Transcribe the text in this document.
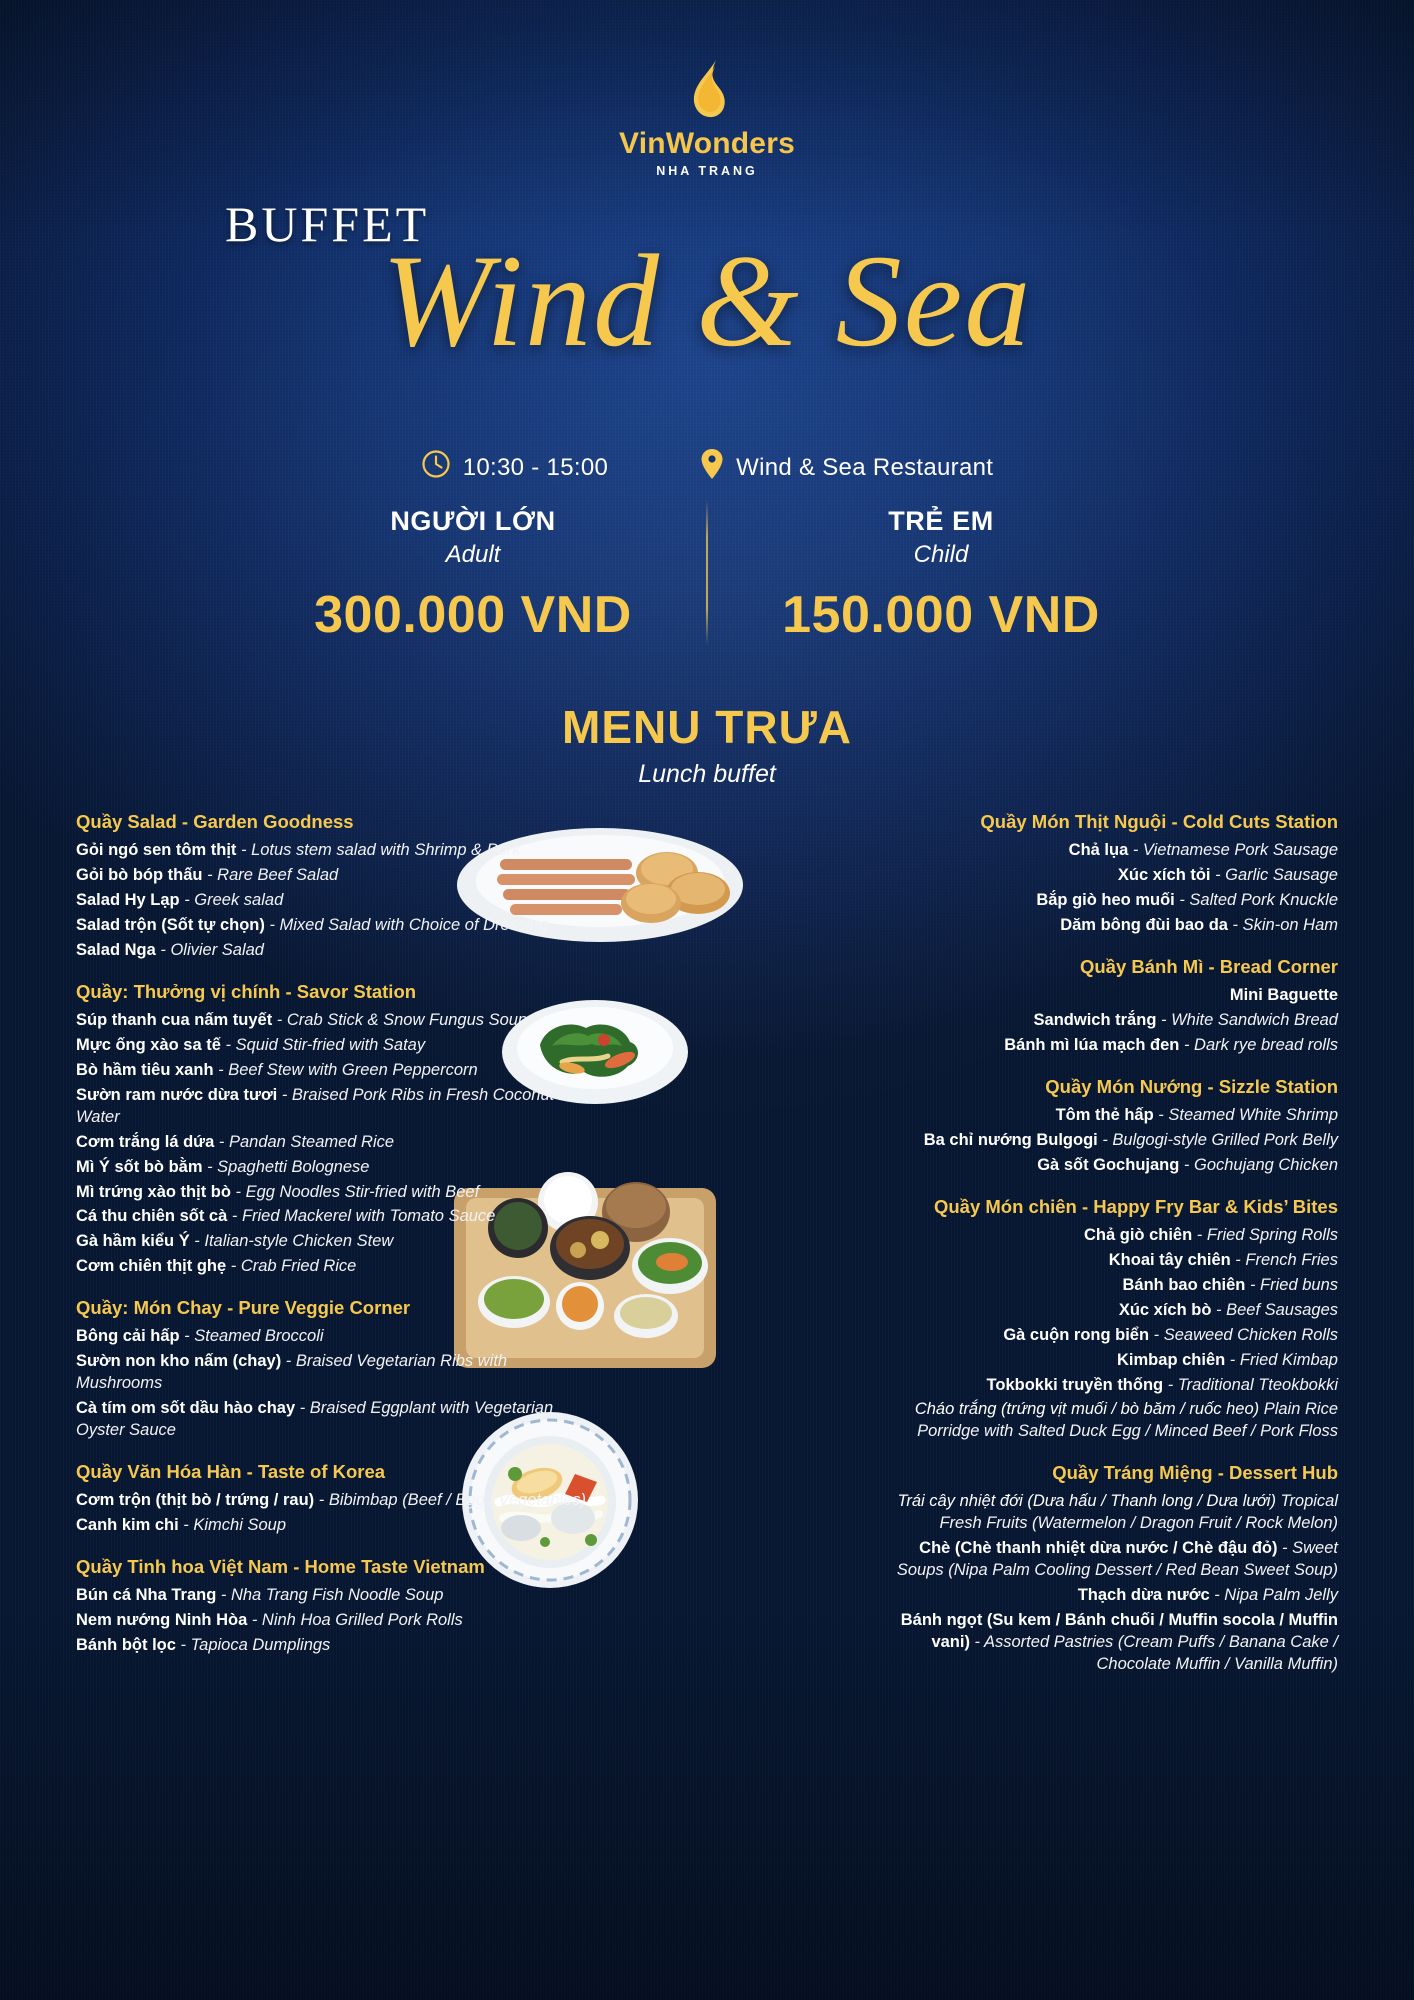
VinWonders
NHA TRANG
BUFFET
Wind & Sea
10:30 - 15:00	Wind & Sea Restaurant
NGƯỜI LỚN
Adult
300.000 VND
TRẺ EM
Child
150.000 VND
MENU TRƯA
Lunch buffet
Quầy Salad - Garden Goodness
Gỏi ngó sen tôm thịt - Lotus stem salad with Shrimp & Pork
Gỏi bò bóp thấu - Rare Beef Salad
Salad Hy Lạp - Greek salad
Salad trộn (Sốt tự chọn) - Mixed Salad with Choice of Dressing
Salad Nga - Olivier Salad
Quầy: Thưởng vị chính - Savor Station
Súp thanh cua nấm tuyết - Crab Stick & Snow Fungus Soup
Mực ống xào sa tế - Squid Stir-fried with Satay
Bò hầm tiêu xanh - Beef Stew with Green Peppercorn
Sườn ram nước dừa tươi - Braised Pork Ribs in Fresh Coconut Water
Cơm trắng lá dứa - Pandan Steamed Rice
Mì Ý sốt bò bằm - Spaghetti Bolognese
Mì trứng xào thịt bò - Egg Noodles Stir-fried with Beef
Cá thu chiên sốt cà - Fried Mackerel with Tomato Sauce
Gà hầm kiểu Ý - Italian-style Chicken Stew
Cơm chiên thịt ghẹ - Crab Fried Rice
Quầy: Món Chay - Pure Veggie Corner
Bông cải hấp - Steamed Broccoli
Sườn non kho nấm (chay) - Braised Vegetarian Ribs with Mushrooms
Cà tím om sốt dầu hào chay - Braised Eggplant with Vegetarian Oyster Sauce
Quầy Văn Hóa Hàn - Taste of Korea
Cơm trộn (thịt bò / trứng / rau) - Bibimbap (Beef / Egg / Vegetables)
Canh kim chi - Kimchi Soup
Quầy Tinh hoa Việt Nam - Home Taste Vietnam
Bún cá Nha Trang - Nha Trang Fish Noodle Soup
Nem nướng Ninh Hòa - Ninh Hoa Grilled Pork Rolls
Bánh bột lọc - Tapioca Dumplings
Quầy Món Thịt Nguội - Cold Cuts Station
Chả lụa - Vietnamese Pork Sausage
Xúc xích tỏi - Garlic Sausage
Bắp giò heo muối - Salted Pork Knuckle
Dăm bông đùi bao da - Skin-on Ham
Quầy Bánh Mì - Bread Corner
Mini Baguette
Sandwich trắng - White Sandwich Bread
Bánh mì lúa mạch đen - Dark rye bread rolls
Quầy Món Nướng - Sizzle Station
Tôm thẻ hấp - Steamed White Shrimp
Ba chỉ nướng Bulgogi - Bulgogi-style Grilled Pork Belly
Gà sốt Gochujang - Gochujang Chicken
Quầy Món chiên - Happy Fry Bar & Kids’ Bites
Chả giò chiên - Fried Spring Rolls
Khoai tây chiên - French Fries
Bánh bao chiên - Fried buns
Xúc xích bò - Beef Sausages
Gà cuộn rong biển - Seaweed Chicken Rolls
Kimbap chiên - Fried Kimbap
Tokbokki truyền thống - Traditional Tteokbokki
Cháo trắng (trứng vịt muối / bò băm / ruốc heo) Plain Rice Porridge with Salted Duck Egg / Minced Beef / Pork Floss
Quầy Tráng Miệng - Dessert Hub
Trái cây nhiệt đới (Dưa hấu / Thanh long / Dưa lưới) Tropical Fresh Fruits (Watermelon / Dragon Fruit / Rock Melon)
Chè (Chè thanh nhiệt dừa nước / Chè đậu đỏ) - Sweet Soups (Nipa Palm Cooling Dessert / Red Bean Sweet Soup)
Thạch dừa nước - Nipa Palm Jelly
Bánh ngọt (Su kem / Bánh chuối / Muffin socola / Muffin vani) - Assorted Pastries (Cream Puffs / Banana Cake / Chocolate Muffin / Vanilla Muffin)
